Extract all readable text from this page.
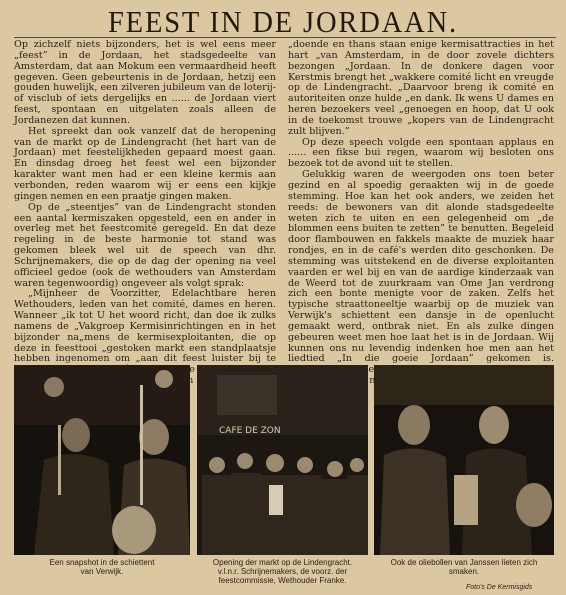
FEEST IN DE JORDAAN.

Op zichzelf niets bijzonders, het is wel eens meer „feest” in de Jordaan, het stadsgedeelte van Amsterdam, dat aan Mokum een vermaardheid heeft gegeven. Geen gebeurtenis in de Jordaan, hetzij een gouden huwelijk, een zilveren jubileum van de loterij- of visclub of iets dergelijks en ...... de Jordaan viert feest, spontaan en uitgelaten zoals alleen de Jordanezen dat kunnen.

Het spreekt dan ook vanzelf dat de heropening van de markt op de Lindengracht (het hart van de Jordaan) met feestelijkheden gepaard moest gaan. En dinsdag droeg het feest wel een bijzonder karakter want men had er een kleine kermis aan verbonden, reden waarom wij er eens een kijkje gingen nemen en een praatje gingen maken.

Op de „steentjes” van de Lindengracht stonden een aantal kermiszaken opgesteld, een en ander in overleg met het feestcomité geregeld. En dat deze regeling in de beste harmonie tot stand was gekomen bleek wel uit de speech van dhr. Schrijnemakers, die op de dag der opening na veel officieel gedoe (ook de wethouders van Amsterdam waren tegenwoordig) ongeveer als volgt sprak:

„Mijnheer de Voorzitter, Edelachtbare heren Wethouders, leden van het comité, dames en heren. Wanneer „ik tot U het woord richt, dan doe ik zulks namens de „Vakgroep Kermisinrichtingen en in het bijzonder na„mens de kermisexploitanten, die op deze in feesttooi „gestoken markt een standplaatsje hebben ingenomen om „aan dit feest luister bij te

„doende en thans staan enige kermisattracties in het hart „van Amsterdam, in de door zovele dichters bezongen „Jordaan. In de donkere dagen voor Kerstmis brengt het „wakkere comité licht en vreugde op de Lindengracht. „Daarvoor breng ik comité en autoriteiten onze hulde „en dank. Ik wens U dames en heren bezoekers veel „genoegen en hoop, dat U ook in de toekomst trouwe „kopers van de Lindengracht zult blijven.”

Op deze speech volgde een spontaan applaus en ...... een fikse bui regen, waarom wij besloten ons bezoek tot de avond uit te stellen.

Gelukkig waren de weergoden ons toen beter gezind en al spoedig geraakten wij in de goede stemming. Hoe kan het ook anders, we zeiden het reeds: de bewoners van dit alonde stadsgedeelte weten zich te uiten en een gelegenheid om „de blommen eens buiten te zetten” te benutten. Begeleid door flambouwen en fakkels maakte de muziek haar rondjes, en in de café's werden dito geschonken. De stemming was uitstekend en de diverse exploitanten vaarden er wel bij en van de aardige kinderzaak van de Weerd tot de zuurkraam van Ome Jan verdrong zich een bonte menigte voor de zaken. Zelfs het typische straattoneeltje waarbij op de muziek van Verwijk's schiettent een dansje in de openlucht gemaakt werd, ontbrak niet. En als zulke dingen gebeuren weet men hoe laat het is in de Jordaan. Wij kunnen ons nu levendig indenken hoe men aan het liedtied „In die goeie Jordaan” gekomen is. een

CAFE DE ZON
Een snapshot in de schiettent
van Verwijk.
Opening der markt op de Lindengracht.
v.l.n.r. Schrijnemakers, de voorz. der
feestcommissie, Wethouder Franke.
Ook de oliebollen van Janssen lieten zich
smaken.
Foto's De Kermisgids
